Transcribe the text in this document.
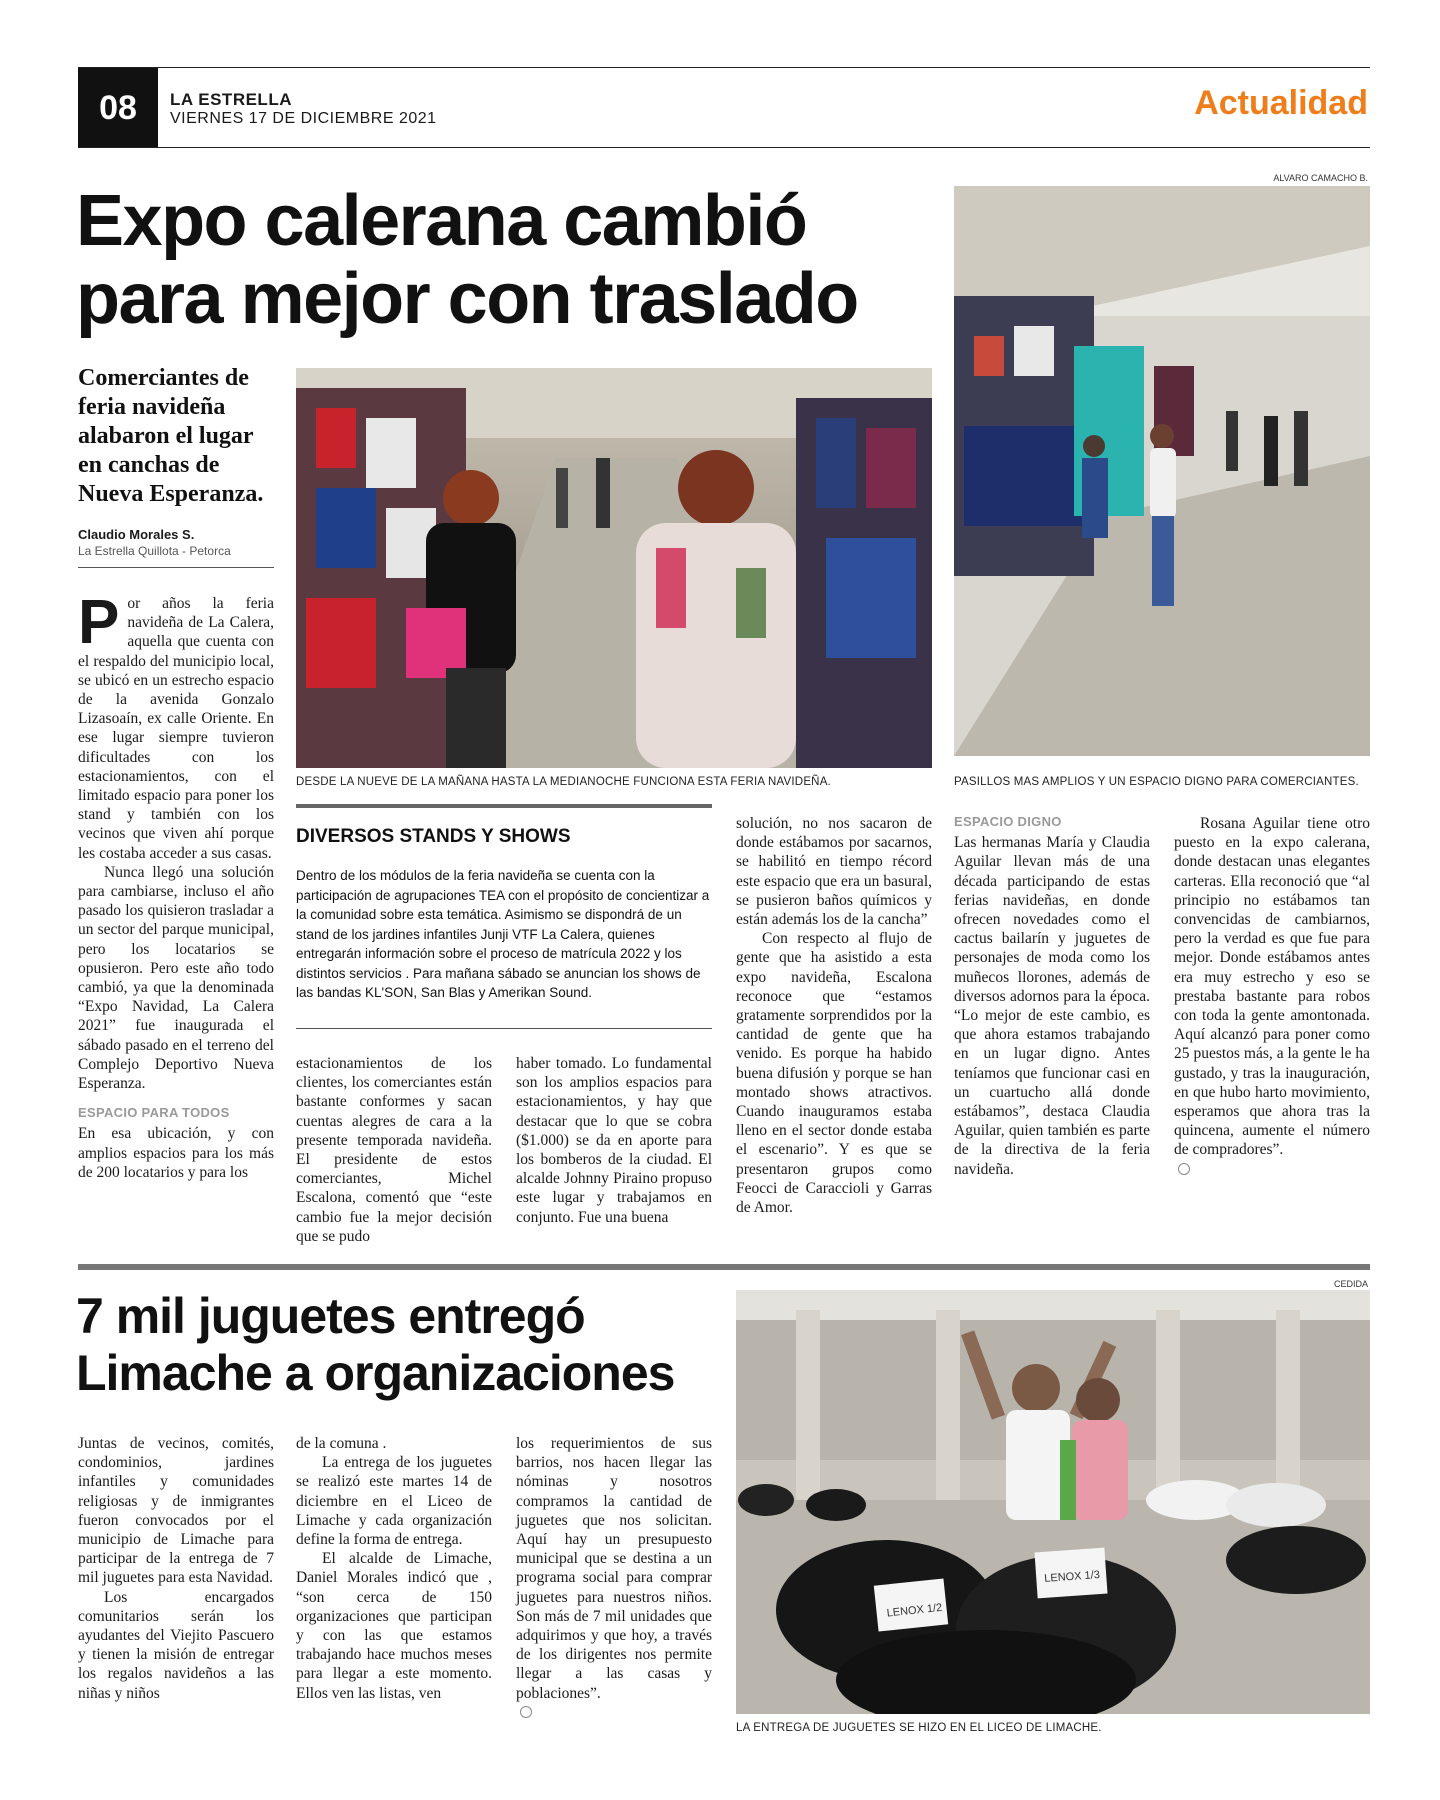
08	LA ESTRELLA
VIERNES 17 DE DICIEMBRE 2021	Actualidad
Expo calerana cambió
para mejor con traslado
Comerciantes de feria navideña alabaron el lugar en canchas de Nueva Esperanza.
Claudio Morales S.
La Estrella Quillota - Petorca
DESDE LA NUEVE DE LA MAÑANA HASTA LA MEDIANOCHE FUNCIONA ESTA FERIA NAVIDEÑA.
ALVARO CAMACHO B.
PASILLOS MAS AMPLIOS Y UN ESPACIO DIGNO PARA COMERCIANTES.
P or años la feria navideña de La Calera, aquella que cuenta con el respaldo del municipio local, se ubicó en un estrecho espacio de la avenida Gonzalo Lizasoaín, ex calle Oriente. En ese lugar siempre tuvieron dificultades con los estacionamientos, con el limitado espacio para poner los stand y también con los vecinos que viven ahí porque les costaba acceder a sus casas.

Nunca llegó una solución para cambiarse, incluso el año pasado los quisieron trasladar a un sector del parque municipal, pero los locatarios se opusieron. Pero este año todo cambió, ya que la denominada “Expo Navidad, La Calera 2021” fue inaugurada el sábado pasado en el terreno del Complejo Deportivo Nueva Esperanza.

ESPACIO PARA TODOS

En esa ubicación, y con amplios espacios para los más de 200 locatarios y para los

DIVERSOS STANDS Y SHOWS
Dentro de los módulos de la feria navideña se cuenta con la participación de agrupaciones TEA con el propósito de concientizar a la comunidad sobre esta temática. Asimismo se dispondrá de un stand de los jardines infantiles Junji VTF La Calera, quienes entregarán información sobre el proceso de matrícula 2022 y los distintos servicios . Para mañana sábado se anuncian los shows de las bandas KL'SON, San Blas y Amerikan Sound.

estacionamientos de los clientes, los comerciantes están bastante conformes y sacan cuentas alegres de cara a la presente temporada navideña. El presidente de estos comerciantes, Michel Escalona, comentó que “este cambio fue la mejor decisión que se pudo

haber tomado. Lo fundamental son los amplios espacios para estacionamientos, y hay que destacar que lo que se cobra ($1.000) se da en aporte para los bomberos de la ciudad. El alcalde Johnny Piraino propuso este lugar y trabajamos en conjunto. Fue una buena

solución, no nos sacaron de donde estábamos por sacarnos, se habilitó en tiempo récord este espacio que era un basural, se pusieron baños químicos y están además los de la cancha”

Con respecto al flujo de gente que ha asistido a esta expo navideña, Escalona reconoce que “estamos gratamente sorprendidos por la cantidad de gente que ha venido. Es porque ha habido buena difusión y porque se han montado shows atractivos. Cuando inauguramos estaba lleno en el sector donde estaba el escenario”. Y es que se presentaron grupos como Feocci de Caraccioli y Garras de Amor.

ESPACIO DIGNO

Las hermanas María y Claudia Aguilar llevan más de una década participando de estas ferias navideñas, en donde ofrecen novedades como el cactus bailarín y juguetes de personajes de moda como los muñecos llorones, además de diversos adornos para la época. “Lo mejor de este cambio, es que ahora estamos trabajando en un lugar digno. Antes teníamos que funcionar casi en un cuartucho allá donde estábamos”, destaca Claudia Aguilar, quien también es parte de la directiva de la feria navideña.

Rosana Aguilar tiene otro puesto en la expo calerana, donde destacan unas elegantes carteras. Ella reconoció que “al principio no estábamos tan convencidas de cambiarnos, pero la verdad es que fue para mejor. Donde estábamos antes era muy estrecho y eso se prestaba bastante para robos con toda la gente amontonada. Aquí alcanzó para poner como 25 puestos más, a la gente le ha gustado, y tras la inauguración, en que hubo harto movimiento, esperamos que ahora tras la quincena, aumente el número de compradores”.

7 mil juguetes entregó
Limache a organizaciones

Juntas de vecinos, comités, condominios, jardines infantiles y comunidades religiosas y de inmigrantes fueron convocados por el municipio de Limache para participar de la entrega de 7 mil juguetes para esta Navidad.

Los encargados comunitarios serán los ayudantes del Viejito Pascuero y tienen la misión de entregar los regalos navideños a las niñas y niños

de la comuna .

La entrega de los juguetes se realizó este martes 14 de diciembre en el Liceo de Limache y cada organización define la forma de entrega.

El alcalde de Limache, Daniel Morales indicó que , “son cerca de 150 organizaciones que participan y con las que estamos trabajando hace muchos meses para llegar a este momento. Ellos ven las listas, ven

los requerimientos de sus barrios, nos hacen llegar las nóminas y nosotros compramos la cantidad de juguetes que nos solicitan. Aquí hay un presupuesto municipal que se destina a un programa social para comprar juguetes para nuestros niños. Son más de 7 mil unidades que adquirimos y que hoy, a través de los dirigentes nos permite llegar a las casas y poblaciones”.

CEDIDA
LENOX 1/2
LENOX 1/3
LA ENTREGA DE JUGUETES SE HIZO EN EL LICEO DE LIMACHE.
